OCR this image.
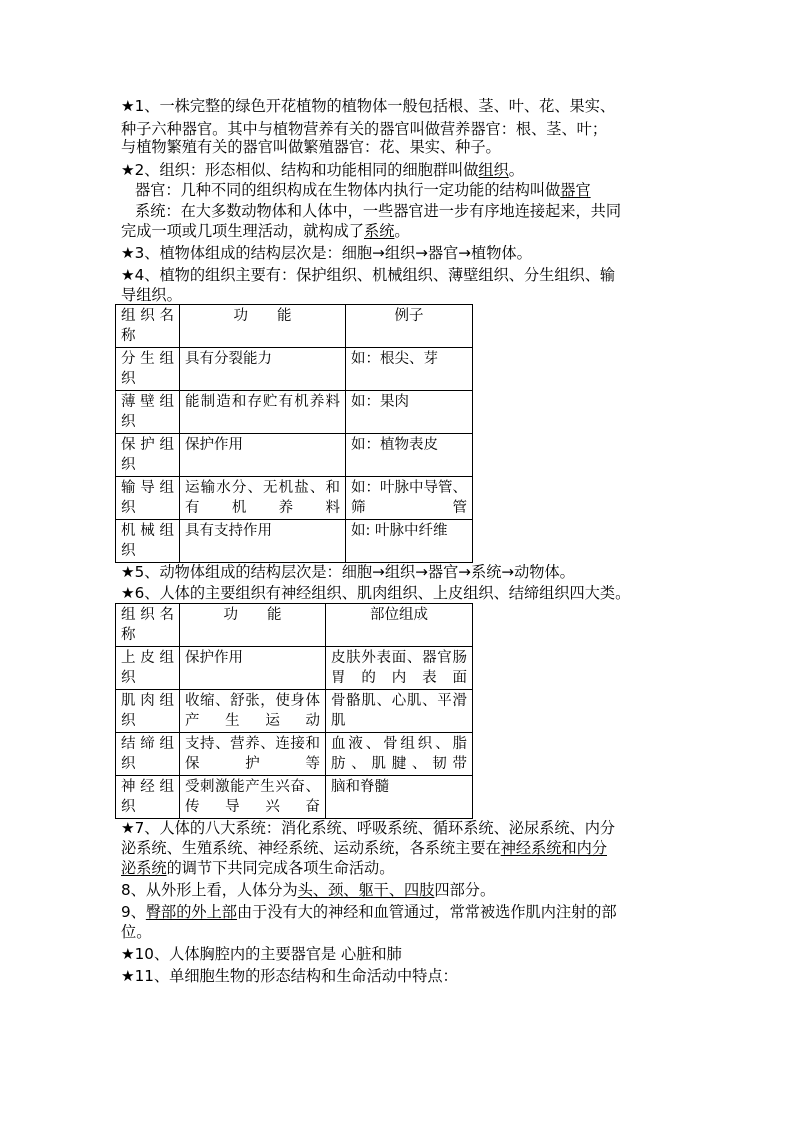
★1、一株完整的绿色开花植物的植物体一般包括根、茎、叶、花、果实、
种子六种器官。其中与植物营养有关的器官叫做营养器官：根、茎、叶；
与植物繁殖有关的器官叫做繁殖器官：花、果实、种子。
★2、组织：形态相似、结构和功能相同的细胞群叫做组织。
器官：几种不同的组织构成在生物体内执行一定功能的结构叫做器官
系统：在大多数动物体和人体中，一些器官进一步有序地连接起来，共同
完成一项或几项生理活动，就构成了系统。
★3、植物体组成的结构层次是：细胞→组织→器官→植物体。
★4、植物的组织主要有：保护组织、机械组织、薄壁组织、分生组织、输
导组织。
组织名称	功　　能	例子
分生组织	具有分裂能力	如：根尖、芽
薄壁组织	能制造和存贮有机养料	如：果肉
保护组织	保护作用	如：植物表皮
输导组织	运输水分、无机盐、和有机养料	如：叶脉中导管、筛管
机械组织	具有支持作用	如: 叶脉中纤维
★5、动物体组成的结构层次是：细胞→组织→器官→系统→动物体。
★6、人体的主要组织有神经组织、肌肉组织、上皮组织、结缔组织四大类。
组织名称	功　　能	部位组成
上皮组织	保护作用	皮肤外表面、器官肠胃的内表面
肌肉组织	收缩、舒张，使身体产生运动	骨骼肌、心肌、平滑肌
结缔组织	支持、营养、连接和保护等	血液、骨组织、脂肪、肌腱、韧带
神经组织	受刺激能产生兴奋、传导兴奋	脑和脊髓
★7、人体的八大系统：消化系统、呼吸系统、循环系统、泌尿系统、内分
泌系统、生殖系统、神经系统、运动系统，各系统主要在神经系统和内分
泌系统的调节下共同完成各项生命活动。
8、从外形上看，人体分为头、颈、躯干、四肢四部分。
9、臀部的外上部由于没有大的神经和血管通过，常常被选作肌内注射的部
位。
★10、人体胸腔内的主要器官是 心脏和肺
★11、单细胞生物的形态结构和生命活动中特点：
